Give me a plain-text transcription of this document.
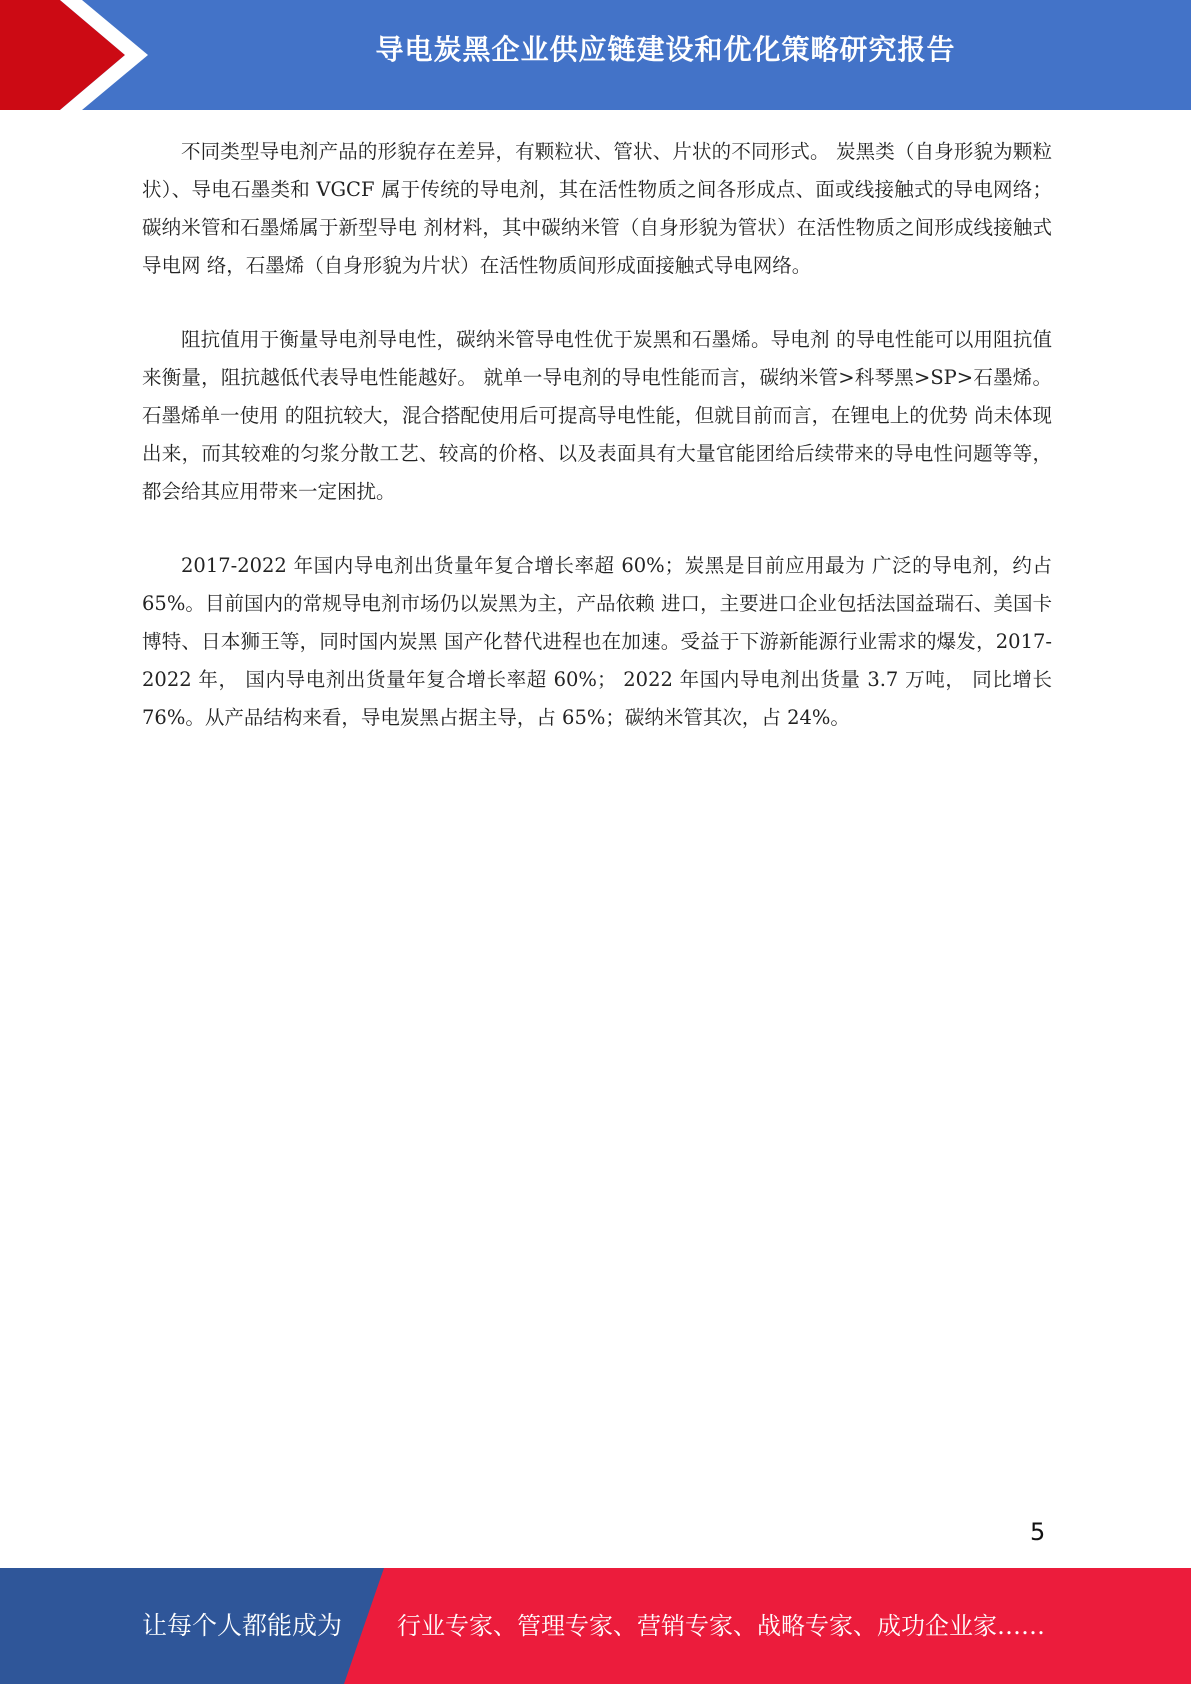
导电炭黑企业供应链建设和优化策略研究报告

不同类型导电剂产品的形貌存在差异，有颗粒状、管状、片状的不同形式。 炭黑类（自身形貌为颗粒状）、导电石墨类和 VGCF 属于传统的导电剂，其在活性物质之间各形成点、面或线接触式的导电网络；碳纳米管和石墨烯属于新型导电 剂材料，其中碳纳米管（自身形貌为管状）在活性物质之间形成线接触式导电网 络，石墨烯（自身形貌为片状）在活性物质间形成面接触式导电网络。

阻抗值用于衡量导电剂导电性，碳纳米管导电性优于炭黑和石墨烯。导电剂 的导电性能可以用阻抗值来衡量，阻抗越低代表导电性能越好。 就单一导电剂的导电性能而言，碳纳米管>科琴黑>SP>石墨烯。石墨烯单一使用 的阻抗较大，混合搭配使用后可提高导电性能，但就目前而言，在锂电上的优势 尚未体现出来，而其较难的匀浆分散工艺、较高的价格、以及表面具有大量官能团给后续带来的导电性问题等等，都会给其应用带来一定困扰。

2017-2022 年国内导电剂出货量年复合增长率超 60%；炭黑是目前应用最为 广泛的导电剂，约占 65%。目前国内的常规导电剂市场仍以炭黑为主，产品依赖 进口，主要进口企业包括法国益瑞石、美国卡博特、日本狮王等，同时国内炭黑 国产化替代进程也在加速。受益于下游新能源行业需求的爆发，2017-2022 年， 国内导电剂出货量年复合增长率超 60%； 2022 年国内导电剂出货量 3.7 万吨， 同比增长 76%。从产品结构来看，导电炭黑占据主导，占 65%；碳纳米管其次，占 24%。

5
让每个人都能成为 行业专家、管理专家、营销专家、战略专家、成功企业家……
